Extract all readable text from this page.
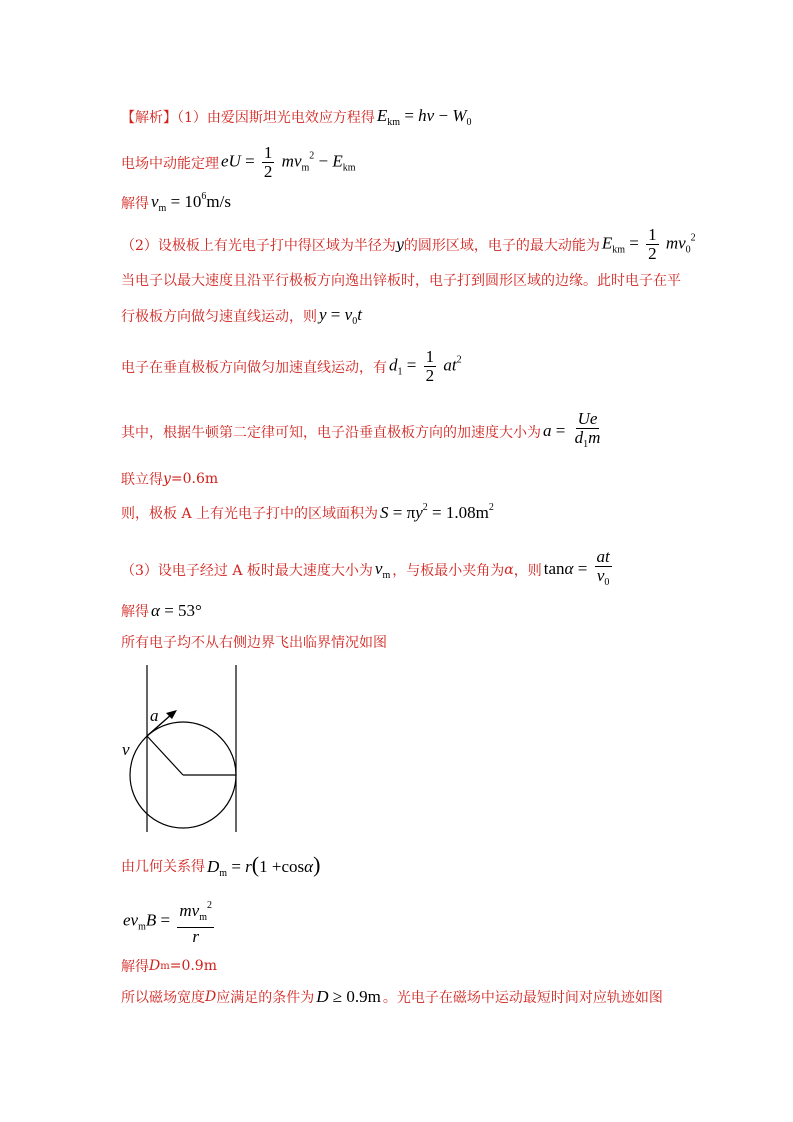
【解析】（1）由爱因斯坦光电效应方程得 $E_{km} = h\nu - W_0$
电场中动能定理 eU = $\frac{1}{2} mv_m^2 - E_{km}$
解得 $v_m = 10^6m/s$
（2）设极板上有光电子打中得区域为半径为 y 的圆形区域，电子的最大动能为 $E_{km} = \frac{1}{2} mv_0^2$
当电子以最大速度且沿平行极板方向逸出锌板时，电子打到圆形区域的边缘。此时电子在平
行极板方向做匀速直线运动，则 $y = v_0t$
电子在垂直极板方向做匀加速直线运动，有 $d_1 = \frac{1}{2} at^2$
其中，根据牛顿第二定律可知，电子沿垂直极板方向的加速度大小为 $a = \frac{Ue}{d_1m}$
联立得 y =0.6m
则，极板 A 上有光电子打中的区域面积为 $S = \pi y^2 = 1.08m^2$
（3）设电子经过 A 板时最大速度大小为 $v_m$ ，与板最小夹角为 α ，则 $\tan\alpha = \frac{at}{v_0}$
解得 α = 53°
所有电子均不从右侧边界飞出临界情况如图
a
v
由几何关系得 $D_m = r(1 +\cos\alpha)$
$ev_mB = \frac{mv_m^2}{r}$
解得 D m =0.9m
所以磁场宽度 D 应满足的条件为 D ≥ 0.9m 。光电子在磁场中运动最短时间对应轨迹如图
